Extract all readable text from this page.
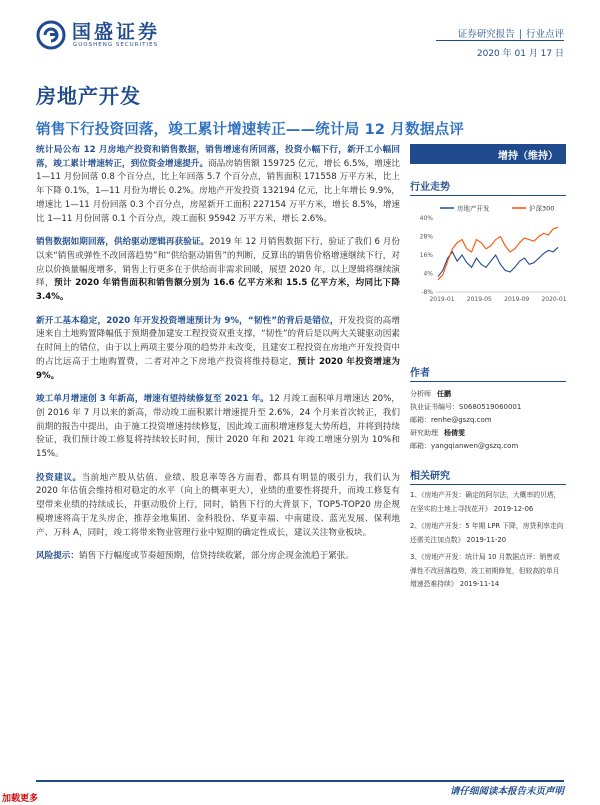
国盛证券
GUOSHENG SECURITIES
证券研究报告 | 行业点评
2020 年 01 月 17 日
房地产开发
销售下行投资回落，竣工累计增速转正——统计局 12 月数据点评

统计局公布 12 月房地产投资和销售数据，销售增速有所回落，投资小幅下行，新开工小幅回落，竣工累计增速转正，到位资金增速提升。商品房销售额 159725 亿元，增长 6.5%，增速比 1—11 月份回落 0.8 个百分点，比上年回落 5.7 个百分点，销售面积 171558 万平方米，比上年下降 0.1%，1—11 月份为增长 0.2%。房地产开发投资 132194 亿元，比上年增长 9.9%，增速比 1—11 月份回落 0.3 个百分点，房屋新开工面积 227154 万平方米，增长 8.5%，增速比 1—11 月份回落 0.1 个百分点，竣工面积 95942 万平方米，增长 2.6%。

销售数据如期回落，供给驱动逻辑再获验证。2019 年 12 月销售数据下行，验证了我们 6 月份以来“销售或弹性不改回落趋势”和“供给驱动销售”的判断，反算出的销售价格增速继续下行，对应以价换量幅度增多，销售上行更多在于供给而非需求回暖，展望 2020 年，以上逻辑将继续演绎，预计 2020 年销售面积和销售额分别为 16.6 亿平方米和 15.5 亿平方米，均同比下降 3.4%。

新开工基本稳定，2020 年开发投资增速预计为 9%，“韧性”的背后是错位，开发投资的高增速来自土地购置降幅低于预期叠加建安工程投资双重支撑，“韧性”的背后是以两大关键驱动因素在时间上的错位，由于以上两项主要分项的趋势并未改变，且建安工程投资在房地产开发投资中的占比远高于土地购置费，二者对冲之下房地产投资将维持稳定，预计 2020 年投资增速为 9%。

竣工单月增速创 3 年新高，增速有望持续修复至 2021 年。12 月竣工面积单月增速达 20%，创 2016 年 7 月以来的新高，带动竣工面积累计增速提升至 2.6%，24 个月来首次转正，我们前期的报告中提出，由于施工投资增速持续修复，因此竣工面积增速修复大势所趋，并将到持续验证，我们预计竣工修复将持续较长时间，预计 2020 年和 2021 年竣工增速分别为 10%和 15%。

投资建议。当前地产股从估值、业绩、股息率等各方面看，都具有明显的吸引力，我们认为 2020 年估值会维持相对稳定的水平（向上的概率更大），业绩的重要性将提升，而竣工修复有望带来业绩的持续成长，并驱动股价上行，同时，销售下行的大背景下，TOP5-TOP20 房企规模增速将高于龙头房企，推荐金地集团、金科股份、华夏幸福、中南建设、蓝光发展、保利地产、万科 A，同时，竣工将带来物业管理行业中短期的确定性成长，建议关注物业板块。

风险提示：销售下行幅度或节奏超预期，信贷持续收紧，部分房企现金流趋于紧张。

增持（维持）
行业走势
房地产开发	沪深300
-8%
4%
16%
28%
40%
2019-01 2019-05 2019-09 2020-01
作者
分析师 任鹏
执业证书编号：S0680519060001
邮箱：renhe@gszq.com
研究助理 杨倩雯
邮箱：yangqianwen@gszq.com
相关研究
1、《房地产开发：确定的阿尔法，大概率的贝塔，在坚实的土地上寻找花开》 2019-12-06
2、《房地产开发：5 年期 LPR 下降，房贷利率走向还需关注加点数》 2019-11-20
3、《房地产开发：统计局 10 月数据点评：销售或弹性不改回落趋势，竣工初期修复，但较高的单月增速恐难持续》 2019-11-14
请仔细阅读本报告末页声明
加载更多
